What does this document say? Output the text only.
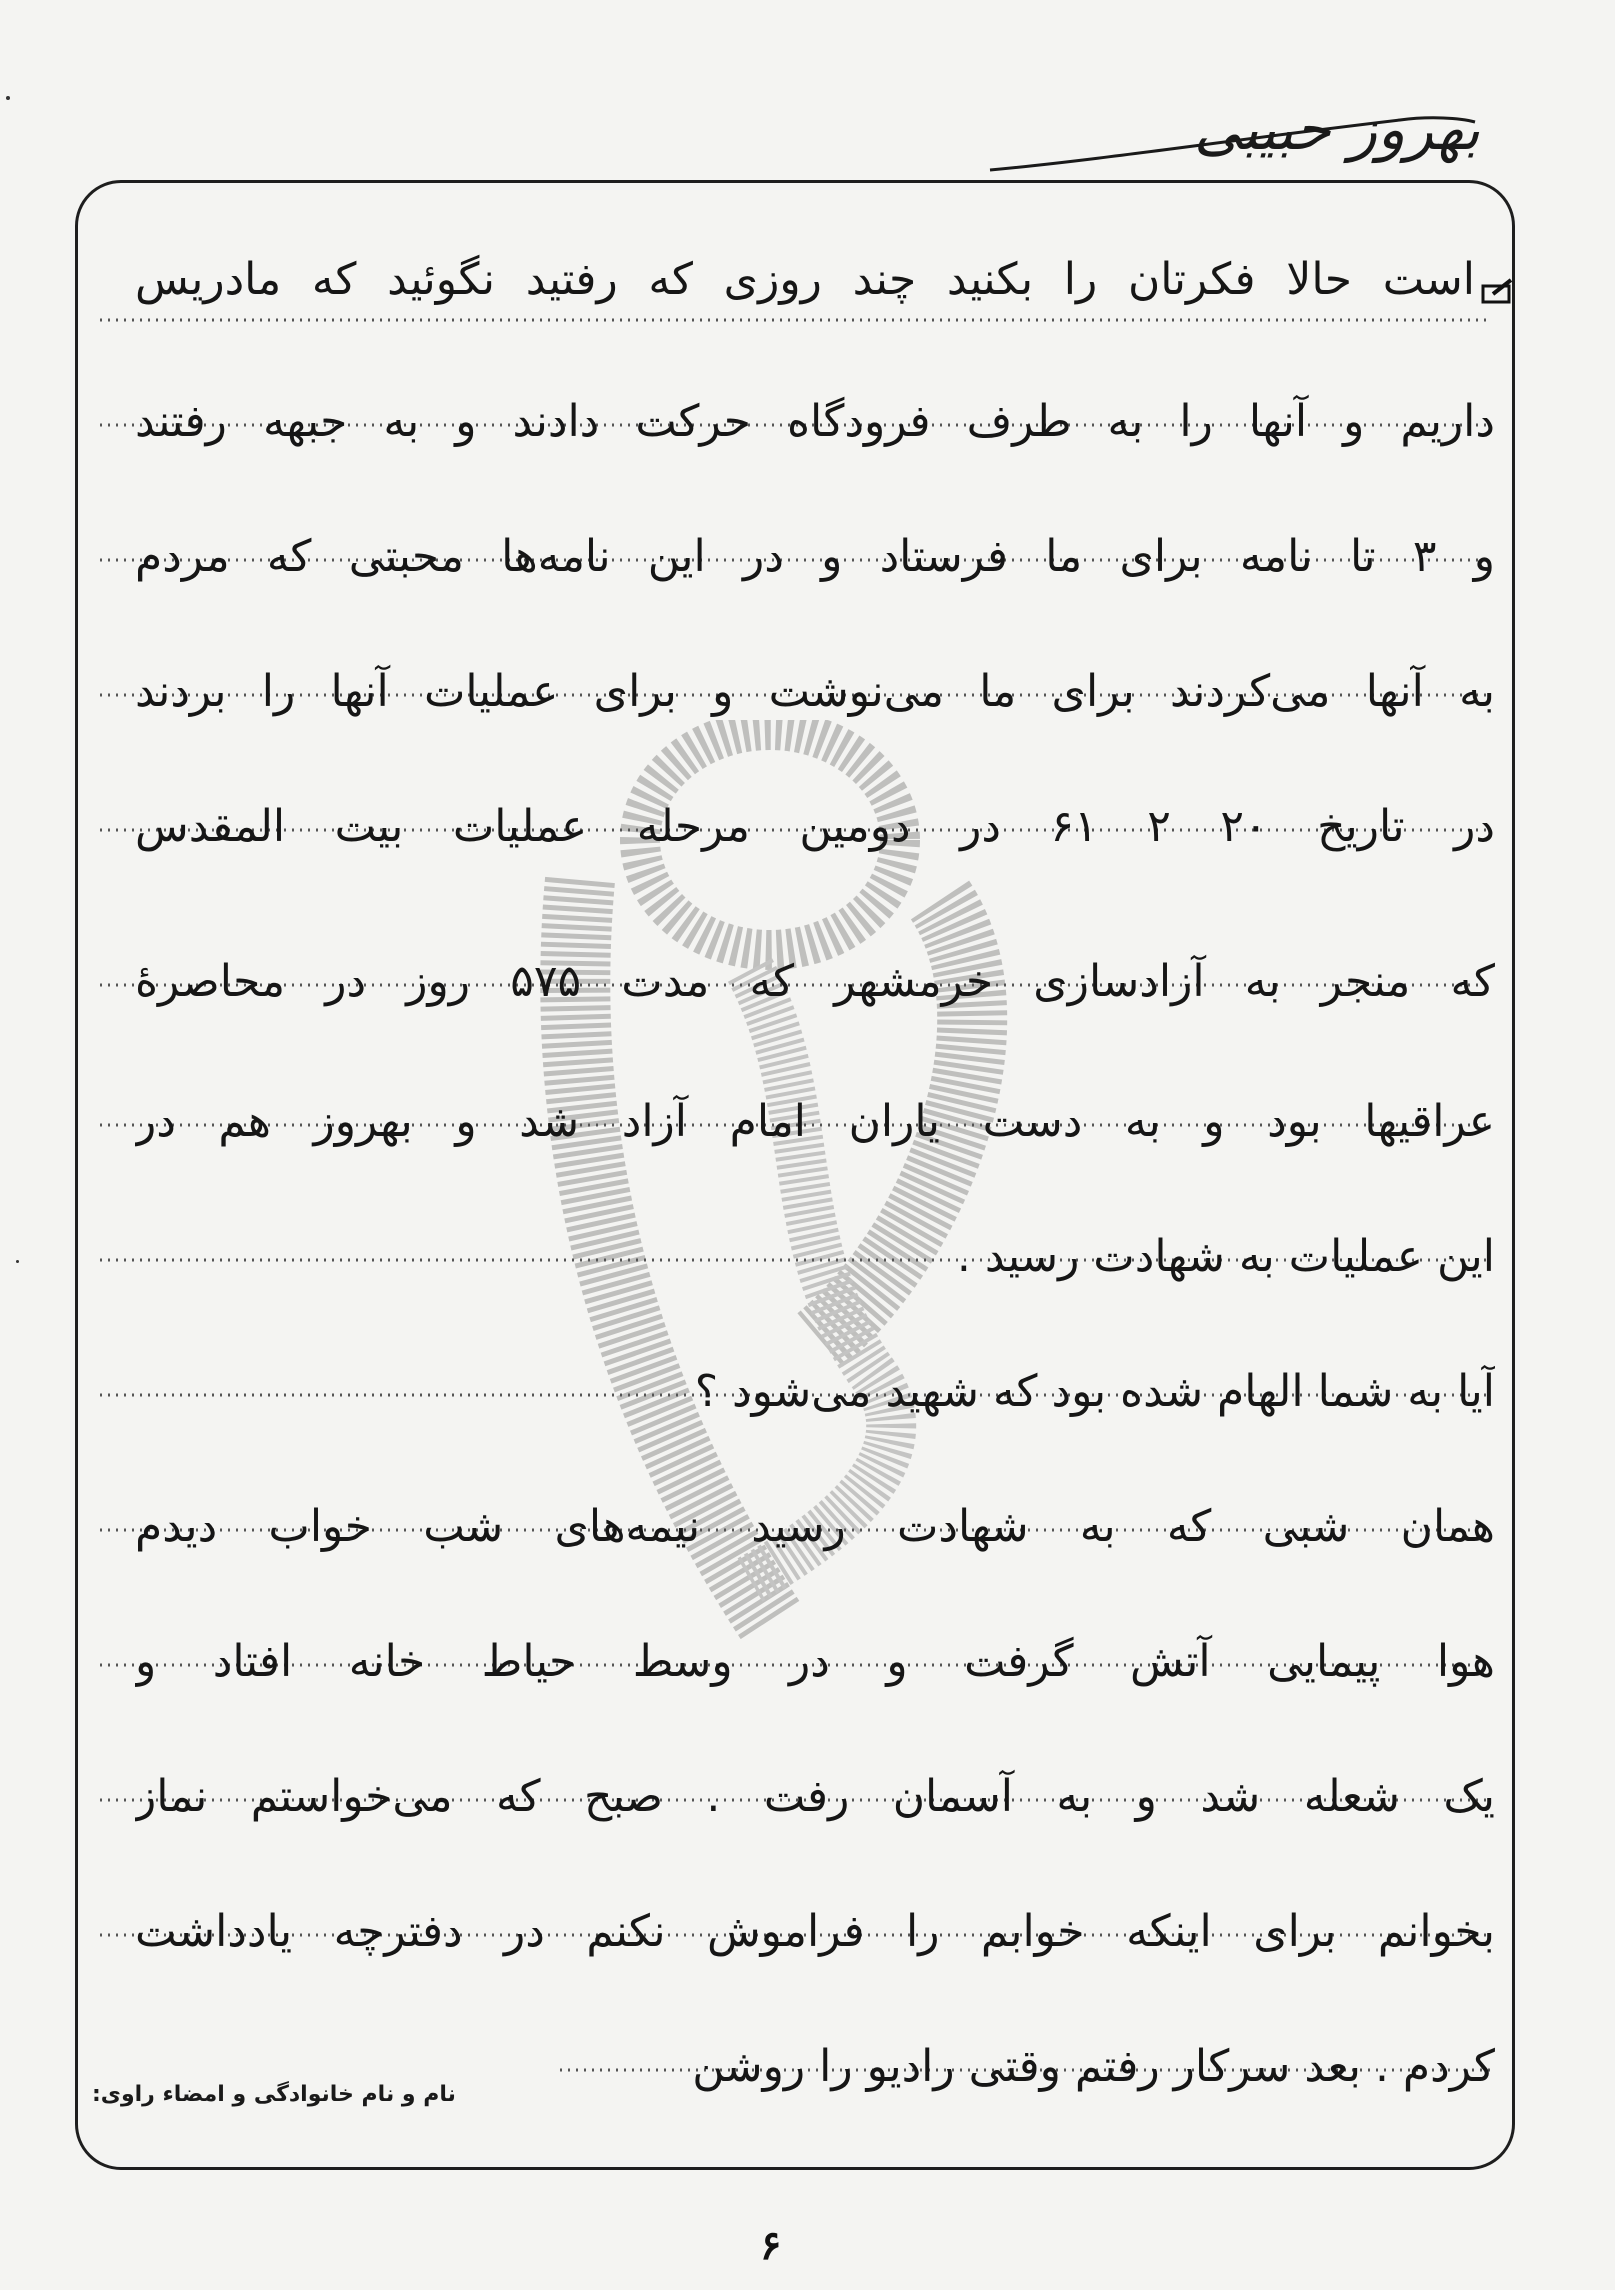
بهروز حبیبی
است حالا فکرتان را بکنید چند روزی که رفتید نگوئید که مادریس
داریم و آنها را به طرف فرودگاه حرکت دادند و به جبهه رفتند
و ۳ تا نامه برای ما فرستاد و در این نامه‌ها محبتی که مردم
به آنها می‌کردند برای ما می‌نوشت و برای عملیات آنها را بردند
در تاریخ ۲۰ ۲ ۶۱ در دومین مرحله عملیات بیت المقدس
که منجر به آزادسازی خرمشهر که مدت ۵۷۵ روز در محاصرهٔ
عراقیها بود و به دست یاران امام آزاد شد و بهروز هم در
این عملیات به شهادت رسید .
آیا به شما الهام شده بود که شهید می‌شود ؟
همان شبی که به شهادت رسید نیمه‌های شب خواب دیدم
هوا پیمایی آتش گرفت و در وسط حیاط خانه افتاد و
یک شعله شد و به آسمان رفت . صبح که می‌خواستم نماز
بخوانم برای اینکه خوابم را فراموش نکنم در دفترچه یادداشت
کردم . بعد سرکار رفتم وقتی رادیو را روشن
نام و نام خانوادگی و امضاء راوی:
۶
